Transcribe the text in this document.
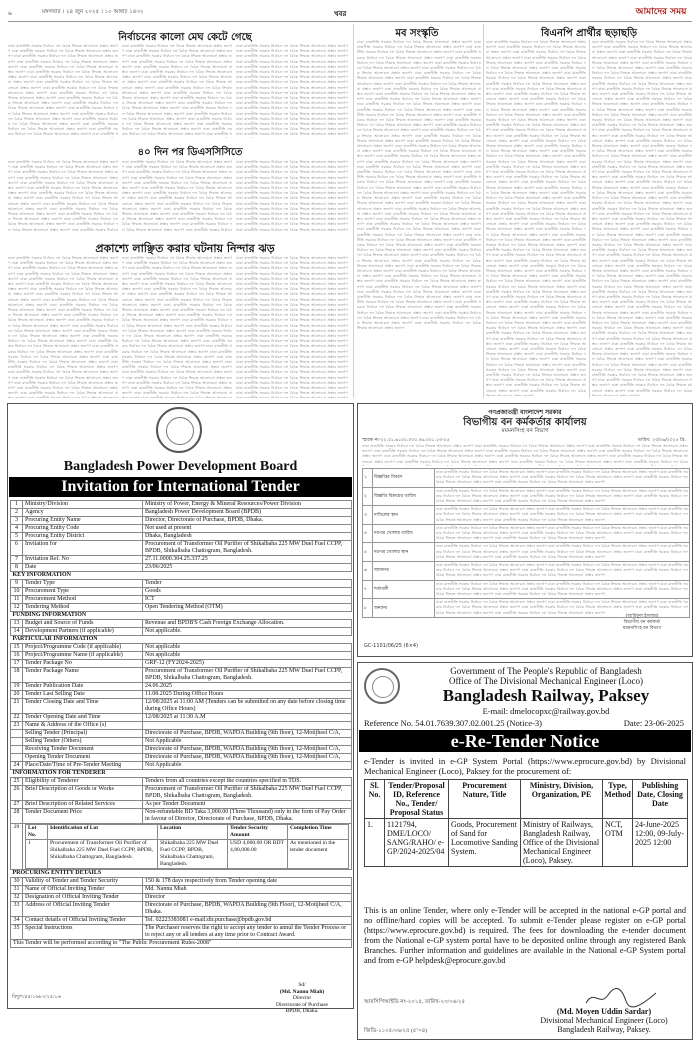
৬	মঙ্গলবার । ২৪ জুন ২০২৫ । ১০ আষাঢ় ১৪৩২	খবর	আমাদের সময়
নির্বাচনের কালো মেঘ কেটে গেছে	মব সংস্কৃতি	বিএনপি প্রার্থীর ছড়াছড়ি
৪০ দিন পর ডিএসসিসিতে
প্রকাশ্যে লাঞ্ছিত করার ঘটনায় নিন্দার ঝড়
ঢাকা রাজনীতি সরকার নির্বাচন দল বৈঠক সিদ্ধান্ত আলোচনা প্রস্তাব জনগণ ঢাকা রাজনীতি সরকার নির্বাচন দল বৈঠক সিদ্ধান্ত আলোচনা প্রস্তাব জনগণ ঢাকা রাজনীতি সরকার নির্বাচন দল বৈঠক সিদ্ধান্ত আলোচনা প্রস্তাব জনগণ ঢাকা রাজনীতি সরকার নির্বাচন দল বৈঠক সিদ্ধান্ত আলোচনা প্রস্তাব জনগণ ঢাকা রাজনীতি সরকার নির্বাচন দল বৈঠক সিদ্ধান্ত আলোচনা প্রস্তাব জনগণ ঢাকা রাজনীতি সরকার নির্বাচন দল বৈঠক সিদ্ধান্ত আলোচনা প্রস্তাব জনগণ ঢাকা রাজনীতি সরকার নির্বাচন দল বৈঠক সিদ্ধান্ত আলোচনা প্রস্তাব জনগণ ঢাকা রাজনীতি সরকার নির্বাচন দল বৈঠক সিদ্ধান্ত আলোচনা প্রস্তাব জনগণ ঢাকা রাজনীতি সরকার নির্বাচন দল বৈঠক সিদ্ধান্ত আলোচনা প্রস্তাব জনগণ ঢাকা রাজনীতি সরকার নির্বাচন দল বৈঠক সিদ্ধান্ত আলোচনা প্রস্তাব জনগণ ঢাকা রাজনীতি সরকার নির্বাচন দল বৈঠক সিদ্ধান্ত আলোচনা প্রস্তাব জনগণ ঢাকা রাজনীতি সরকার নির্বাচন দল বৈঠক সিদ্ধান্ত আলোচনা প্রস্তাব জনগণ ঢাকা রাজনীতি সরকার নির্বাচন দল বৈঠক সিদ্ধান্ত আলোচনা প্রস্তাব জনগণ ঢাকা রাজনীতি সরকার নির্বাচন দল বৈঠক সিদ্ধান্ত আলোচনা প্রস্তাব জনগণ ঢাকা রাজনীতি সরকার নির্বাচন দল বৈঠক সিদ্ধান্ত আলোচনা প্রস্তাব জনগণ ঢাকা রাজনীতি সরকার নির্বাচন দল বৈঠক সিদ্ধান্ত আলোচনা প্রস্তাব জনগণ ঢাকা রাজনীতি সরকার নির্বাচন দল বৈঠক সিদ্ধান্ত আলোচনা প্রস্তাব জনগণ ঢাকা রাজনীতি স
ঢাকা রাজনীতি সরকার নির্বাচন দল বৈঠক সিদ্ধান্ত আলোচনা প্রস্তাব জনগণ ঢাকা রাজনীতি সরকার নির্বাচন দল বৈঠক সিদ্ধান্ত আলোচনা প্রস্তাব জনগণ ঢাকা রাজনীতি সরকার নির্বাচন দল বৈঠক সিদ্ধান্ত আলোচনা প্রস্তাব জনগণ ঢাকা রাজনীতি সরকার নির্বাচন দল বৈঠক সিদ্ধান্ত আলোচনা প্রস্তাব জনগণ ঢাকা রাজনীতি সরকার নির্বাচন দল বৈঠক সিদ্ধান্ত আলোচনা প্রস্তাব জনগণ ঢাকা রাজনীতি সরকার নির্বাচন দল বৈঠক সিদ্ধান্ত আলোচনা প্রস্তাব জনগণ ঢাকা রাজনীতি সরকার নির্বাচন দল বৈঠক সিদ্ধান্ত আলোচনা প্রস্তাব জনগণ ঢাকা রাজনীতি সরকার নির্বাচন দল বৈঠক সিদ্ধান্ত আলোচনা প্রস্তাব জনগণ ঢাকা রাজনীতি সরকার নির্বাচন দল বৈঠক সিদ্ধান্ত আলোচনা প্রস্তাব জনগণ ঢাকা রাজনীতি সরকার নির্বাচন দল বৈঠক সিদ্ধান্ত আলোচনা প্রস্তাব জনগণ ঢাকা রাজনীতি সরকার নির্বাচন দল বৈঠক সিদ্ধান্ত আলোচনা প্রস্তাব জনগণ ঢাকা রাজনীতি সরকার নির্বাচন দল বৈঠক সিদ্ধান্ত আলোচনা প্রস্তাব জনগণ ঢাকা রাজনীতি সরকার নির্বাচন দল বৈঠক সিদ্ধান্ত আলোচনা প্রস্তাব জনগণ ঢাকা রাজনীতি সরকার নির্বাচন দল বৈঠক সিদ্ধান্ত আলোচনা প্রস্তাব জনগণ ঢাকা রাজনীতি সরকার নির্বাচন দল বৈঠক সিদ্ধান্ত আলোচনা প্রস্তাব জনগণ ঢাকা রাজনীতি সরকার নির্বাচন দল বৈঠক সিদ্ধান্ত আলোচনা প্রস্তাব জনগণ ঢাকা রাজনীতি সরকার নির্বাচন দল বৈঠক সিদ্ধান্ত আলোচনা প্রস্তাব জনগণ ঢাকা রাজনীতি স
ঢাকা রাজনীতি সরকার নির্বাচন দল বৈঠক সিদ্ধান্ত আলোচনা প্রস্তাব জনগণ ঢাকা রাজনীতি সরকার নির্বাচন দল বৈঠক সিদ্ধান্ত আলোচনা প্রস্তাব জনগণ ঢাকা রাজনীতি সরকার নির্বাচন দল বৈঠক সিদ্ধান্ত আলোচনা প্রস্তাব জনগণ ঢাকা রাজনীতি সরকার নির্বাচন দল বৈঠক সিদ্ধান্ত আলোচনা প্রস্তাব জনগণ ঢাকা রাজনীতি সরকার নির্বাচন দল বৈঠক সিদ্ধান্ত আলোচনা প্রস্তাব জনগণ ঢাকা রাজনীতি সরকার নির্বাচন দল বৈঠক সিদ্ধান্ত আলোচনা প্রস্তাব জনগণ ঢাকা রাজনীতি সরকার নির্বাচন দল বৈঠক সিদ্ধান্ত আলোচনা প্রস্তাব জনগণ ঢাকা রাজনীতি সরকার নির্বাচন দল বৈঠক সিদ্ধান্ত আলোচনা প্রস্তাব জনগণ ঢাকা রাজনীতি সরকার নির্বাচন দল বৈঠক সিদ্ধান্ত আলোচনা প্রস্তাব জনগণ ঢাকা রাজনীতি সরকার নির্বাচন দল বৈঠক সিদ্ধান্ত আলোচনা প্রস্তাব জনগণ ঢাকা রাজনীতি সরকার নির্বাচন দল বৈঠক সিদ্ধান্ত আলোচনা প্রস্তাব জনগণ ঢাকা রাজনীতি সরকার নির্বাচন দল বৈঠক সিদ্ধান্ত আলোচনা প্রস্তাব জনগণ ঢাকা রাজনীতি সরকার নির্বাচন দল বৈঠক সিদ্ধান্ত আলোচনা প্রস্তাব জনগণ ঢাকা রাজনীতি সরকার নির্বাচন দল বৈঠক সিদ্ধান্ত আলোচনা প্রস্তাব জনগণ ঢাকা রাজনীতি সরকার নির্বাচন দল বৈঠক সিদ্ধান্ত আলোচনা প্রস্তাব জনগণ ঢাকা রাজনীতি সরকার নির্বাচন দল বৈঠক সিদ্ধান্ত আলোচনা প্রস্তাব জনগণ ঢাকা রাজনীতি সরকার নির্বাচন দল বৈঠক সিদ্ধান্ত আলোচনা প্রস্তাব জনগণ ঢাকা রাজনীতি সরকার নির্বাচন দল বৈঠক সিদ্ধান্ত আলোচনা প্রস্তাব জনগণ
ঢাকা রাজনীতি সরকার নির্বাচন দল বৈঠক সিদ্ধান্ত আলোচনা প্রস্তাব জনগণ ঢাকা রাজনীতি সরকার নির্বাচন দল বৈঠক সিদ্ধান্ত আলোচনা প্রস্তাব জনগণ ঢাকা রাজনীতি সরকার নির্বাচন দল বৈঠক সিদ্ধান্ত আলোচনা প্রস্তাব জনগণ ঢাকা রাজনীতি সরকার নির্বাচন দল বৈঠক সিদ্ধান্ত আলোচনা প্রস্তাব জনগণ ঢাকা রাজনীতি সরকার নির্বাচন দল বৈঠক সিদ্ধান্ত আলোচনা প্রস্তাব জনগণ ঢাকা রাজনীতি সরকার নির্বাচন দল বৈঠক সিদ্ধান্ত আলোচনা প্রস্তাব জনগণ ঢাকা রাজনীতি সরকার নির্বাচন দল বৈঠক সিদ্ধান্ত আলোচনা প্রস্তাব জনগণ ঢাকা রাজনীতি সরকার নির্বাচন দল বৈঠক সিদ্ধান্ত আলোচনা প্রস্তাব জনগণ ঢাকা রাজনীতি সরকার নির্বাচন দল বৈঠক সিদ্ধান্ত আলোচনা প্রস্তাব জনগণ ঢাকা রাজনীতি সরকার নির্বাচন দল বৈঠক সিদ্ধান্ত আলোচনা প্রস্তাব জনগণ ঢাকা রাজনীতি সরকার নির্বাচন দল বৈঠক সিদ্ধান্ত আলোচনা প্রস্তাব জনগণ ঢাকা রাজনীতি সরকার নির্বাচন দল বৈঠক সিদ্ধান্ত আলোচনা প্রস্তাব জনগণ ঢাকা রাজনীতি সরকার নির্বাচন দল বৈঠক সিদ্ধান্ত আলোচনা প্রস্তাব জনগণ ঢাকা রাজনীতি সরকার নির্বাচন
ঢাকা রাজনীতি সরকার নির্বাচন দল বৈঠক সিদ্ধান্ত আলোচনা প্রস্তাব জনগণ ঢাকা রাজনীতি সরকার নির্বাচন দল বৈঠক সিদ্ধান্ত আলোচনা প্রস্তাব জনগণ ঢাকা রাজনীতি সরকার নির্বাচন দল বৈঠক সিদ্ধান্ত আলোচনা প্রস্তাব জনগণ ঢাকা রাজনীতি সরকার নির্বাচন দল বৈঠক সিদ্ধান্ত আলোচনা প্রস্তাব জনগণ ঢাকা রাজনীতি সরকার নির্বাচন দল বৈঠক সিদ্ধান্ত আলোচনা প্রস্তাব জনগণ ঢাকা রাজনীতি সরকার নির্বাচন দল বৈঠক সিদ্ধান্ত আলোচনা প্রস্তাব জনগণ ঢাকা রাজনীতি সরকার নির্বাচন দল বৈঠক সিদ্ধান্ত আলোচনা প্রস্তাব জনগণ ঢাকা রাজনীতি সরকার নির্বাচন দল বৈঠক সিদ্ধান্ত আলোচনা প্রস্তাব জনগণ ঢাকা রাজনীতি সরকার নির্বাচন দল বৈঠক সিদ্ধান্ত আলোচনা প্রস্তাব জনগণ ঢাকা রাজনীতি সরকার নির্বাচন দল বৈঠক সিদ্ধান্ত আলোচনা প্রস্তাব জনগণ ঢাকা রাজনীতি সরকার নির্বাচন দল বৈঠক সিদ্ধান্ত আলোচনা প্রস্তাব জনগণ ঢাকা রাজনীতি সরকার নির্বাচন দল বৈঠক সিদ্ধান্ত আলোচনা প্রস্তাব জনগণ ঢাকা রাজনীতি সরকার নির্বাচন দল বৈঠক সিদ্ধান্ত আলোচনা প্রস্তাব জনগণ ঢাকা রাজনীতি সরকার নির্বাচন
ঢাকা রাজনীতি সরকার নির্বাচন দল বৈঠক সিদ্ধান্ত আলোচনা প্রস্তাব জনগণ ঢাকা রাজনীতি সরকার নির্বাচন দল বৈঠক সিদ্ধান্ত আলোচনা প্রস্তাব জনগণ ঢাকা রাজনীতি সরকার নির্বাচন দল বৈঠক সিদ্ধান্ত আলোচনা প্রস্তাব জনগণ ঢাকা রাজনীতি সরকার নির্বাচন দল বৈঠক সিদ্ধান্ত আলোচনা প্রস্তাব জনগণ ঢাকা রাজনীতি সরকার নির্বাচন দল বৈঠক সিদ্ধান্ত আলোচনা প্রস্তাব জনগণ ঢাকা রাজনীতি সরকার নির্বাচন দল বৈঠক সিদ্ধান্ত আলোচনা প্রস্তাব জনগণ ঢাকা রাজনীতি সরকার নির্বাচন দল বৈঠক সিদ্ধান্ত আলোচনা প্রস্তাব জনগণ ঢাকা রাজনীতি সরকার নির্বাচন দল বৈঠক সিদ্ধান্ত আলোচনা প্রস্তাব জনগণ ঢাকা রাজনীতি সরকার নির্বাচন দল বৈঠক সিদ্ধান্ত আলোচনা প্রস্তাব জনগণ ঢাকা রাজনীতি সরকার নির্বাচন দল বৈঠক সিদ্ধান্ত আলোচনা প্রস্তাব জনগণ ঢাকা রাজনীতি সরকার নির্বাচন দল বৈঠক সিদ্ধান্ত আলোচনা প্রস্তাব জনগণ ঢাকা রাজনীতি সরকার নির্বাচন দল বৈঠক সিদ্ধান্ত আলোচনা প্রস্তাব জনগণ ঢাকা রাজনীতি সরকার নির্বাচন দল বৈঠক সিদ্ধান্ত আলোচনা প্রস্তাব জনগণ ঢাকা রাজনীতি সরকার নির্বাচন দল বৈঠক সিদ্ধান্ত আলোচনা প্রস্তাব জনগণ
ঢাকা রাজনীতি সরকার নির্বাচন দল বৈঠক সিদ্ধান্ত আলোচনা প্রস্তাব জনগণ ঢাকা রাজনীতি সরকার নির্বাচন দল বৈঠক সিদ্ধান্ত আলোচনা প্রস্তাব জনগণ ঢাকা রাজনীতি সরকার নির্বাচন দল বৈঠক সিদ্ধান্ত আলোচনা প্রস্তাব জনগণ ঢাকা রাজনীতি সরকার নির্বাচন দল বৈঠক সিদ্ধান্ত আলোচনা প্রস্তাব জনগণ ঢাকা রাজনীতি সরকার নির্বাচন দল বৈঠক সিদ্ধান্ত আলোচনা প্রস্তাব জনগণ ঢাকা রাজনীতি সরকার নির্বাচন দল বৈঠক সিদ্ধান্ত আলোচনা প্রস্তাব জনগণ ঢাকা রাজনীতি সরকার নির্বাচন দল বৈঠক সিদ্ধান্ত আলোচনা প্রস্তাব জনগণ ঢাকা রাজনীতি সরকার নির্বাচন দল বৈঠক সিদ্ধান্ত আলোচনা প্রস্তাব জনগণ ঢাকা রাজনীতি সরকার নির্বাচন দল বৈঠক সিদ্ধান্ত আলোচনা প্রস্তাব জনগণ ঢাকা রাজনীতি সরকার নির্বাচন দল বৈঠক সিদ্ধান্ত আলোচনা প্রস্তাব জনগণ ঢাকা রাজনীতি সরকার নির্বাচন দল বৈঠক সিদ্ধান্ত আলোচনা প্রস্তাব জনগণ ঢাকা রাজনীতি সরকার নির্বাচন দল বৈঠক সিদ্ধান্ত আলোচনা প্রস্তাব জনগণ ঢাকা রাজনীতি সরকার নির্বাচন দল বৈঠক সিদ্ধান্ত আলোচনা প্রস্তাব জনগণ ঢাকা রাজনীতি সরকার নির্বাচন দল বৈঠক সিদ্ধান্ত আলোচনা প্রস্তাব জনগণ ঢাকা রাজনীতি সরকার নির্বাচন দল বৈঠক সিদ্ধান্ত আলোচনা প্রস্তাব জনগণ ঢাকা রাজনীতি সরকার নির্বাচন দল বৈঠক সিদ্ধান্ত আলোচনা প্রস্তাব জনগণ ঢাকা রাজনীতি সরকার নির্বাচন দল বৈঠক সিদ্ধান্ত আলোচনা প্রস্তাব জনগণ ঢাকা রাজনীতি সরকার নির্বাচন দল বৈঠক সিদ্ধান্ত আলোচনা প্রস্তাব জনগণ ঢাকা রাজনীতি সরকার নির্বাচন দল বৈঠক সিদ্ধান্ত আলোচনা প্রস্তাব জনগণ ঢাকা রাজনীতি সরকার নির্বাচন দল বৈঠক সিদ্ধান্ত আলোচনা প্রস্তাব জনগণ ঢাকা রাজনীতি সরকার নির্বাচন দল বৈঠক সিদ্ধান্ত আলোচনা প্রস্তাব জনগণ ঢাকা রাজনীতি সরকার নির্বাচন দল বৈঠক সিদ্ধান্ত আলোচনা প্রস্তাব জনগণ ঢাকা রাজনীতি সরকার নির্বাচন দল বৈঠক সিদ্ধান্ত আলোচনা প্রস্তাব জনগণ ঢাকা রাজনীতি সরকার নির্বাচন দল বৈঠক সিদ্ধান্ত আলোচনা প্রস্তাব জনগণ ঢাকা রাজনীতি সরকার নির্বাচন দল বৈঠক সিদ্ধান্ত আলোচনা প্রস্তাব জনগণ ঢাকা রাজনীতি সরকার নির্বাচন দল বৈঠক সিদ্ধান্ত আলোচনা প্র
ঢাকা রাজনীতি সরকার নির্বাচন দল বৈঠক সিদ্ধান্ত আলোচনা প্রস্তাব জনগণ ঢাকা রাজনীতি সরকার নির্বাচন দল বৈঠক সিদ্ধান্ত আলোচনা প্রস্তাব জনগণ ঢাকা রাজনীতি সরকার নির্বাচন দল বৈঠক সিদ্ধান্ত আলোচনা প্রস্তাব জনগণ ঢাকা রাজনীতি সরকার নির্বাচন দল বৈঠক সিদ্ধান্ত আলোচনা প্রস্তাব জনগণ ঢাকা রাজনীতি সরকার নির্বাচন দল বৈঠক সিদ্ধান্ত আলোচনা প্রস্তাব জনগণ ঢাকা রাজনীতি সরকার নির্বাচন দল বৈঠক সিদ্ধান্ত আলোচনা প্রস্তাব জনগণ ঢাকা রাজনীতি সরকার নির্বাচন দল বৈঠক সিদ্ধান্ত আলোচনা প্রস্তাব জনগণ ঢাকা রাজনীতি সরকার নির্বাচন দল বৈঠক সিদ্ধান্ত আলোচনা প্রস্তাব জনগণ ঢাকা রাজনীতি সরকার নির্বাচন দল বৈঠক সিদ্ধান্ত আলোচনা প্রস্তাব জনগণ ঢাকা রাজনীতি সরকার নির্বাচন দল বৈঠক সিদ্ধান্ত আলোচনা প্রস্তাব জনগণ ঢাকা রাজনীতি সরকার নির্বাচন দল বৈঠক সিদ্ধান্ত আলোচনা প্রস্তাব জনগণ ঢাকা রাজনীতি সরকার নির্বাচন দল বৈঠক সিদ্ধান্ত আলোচনা প্রস্তাব জনগণ ঢাকা রাজনীতি সরকার নির্বাচন দল বৈঠক সিদ্ধান্ত আলোচনা প্রস্তাব জনগণ ঢাকা রাজনীতি সরকার নির্বাচন দল বৈঠক সিদ্ধান্ত আলোচনা প্রস্তাব জনগণ ঢাকা রাজনীতি সরকার নির্বাচন দল বৈঠক সিদ্ধান্ত আলোচনা প্রস্তাব জনগণ ঢাকা রাজনীতি সরকার নির্বাচন দল বৈঠক সিদ্ধান্ত আলোচনা প্রস্তাব জনগণ ঢাকা রাজনীতি সরকার নির্বাচন দল বৈঠক সিদ্ধান্ত আলোচনা প্রস্তাব জনগণ ঢাকা রাজনীতি সরকার নির্বাচন দল বৈঠক সিদ্ধান্ত আলোচনা প্রস্তাব জনগণ ঢাকা রাজনীতি সরকার নির্বাচন দল বৈঠক সিদ্ধান্ত আলোচনা প্রস্তাব জনগণ ঢাকা রাজনীতি সরকার নির্বাচন দল বৈঠক সিদ্ধান্ত আলোচনা প্রস্তাব জনগণ ঢাকা রাজনীতি সরকার নির্বাচন দল বৈঠক সিদ্ধান্ত আলোচনা প্রস্তাব জনগণ ঢাকা রাজনীতি সরকার নির্বাচন দল বৈঠক সিদ্ধান্ত আলোচনা প্রস্তাব জনগণ ঢাকা রাজনীতি সরকার নির্বাচন দল বৈঠক সিদ্ধান্ত আলোচনা প্রস্তাব জনগণ ঢাকা রাজনীতি সরকার নির্বাচন দল বৈঠক সিদ্ধান্ত আলোচনা প্রস্তাব জনগণ ঢাকা রাজনীতি সরকার নির্বাচন দল বৈঠক সিদ্ধান্ত আলোচনা প্রস্তাব জনগণ ঢাকা রাজনীতি সরকার নির্বাচন দল বৈঠক সিদ্ধান্ত আলোচনা প্র
ঢাকা রাজনীতি সরকার নির্বাচন দল বৈঠক সিদ্ধান্ত আলোচনা প্রস্তাব জনগণ ঢাকা রাজনীতি সরকার নির্বাচন দল বৈঠক সিদ্ধান্ত আলোচনা প্রস্তাব জনগণ ঢাকা রাজনীতি সরকার নির্বাচন দল বৈঠক সিদ্ধান্ত আলোচনা প্রস্তাব জনগণ ঢাকা রাজনীতি সরকার নির্বাচন দল বৈঠক সিদ্ধান্ত আলোচনা প্রস্তাব জনগণ ঢাকা রাজনীতি সরকার নির্বাচন দল বৈঠক সিদ্ধান্ত আলোচনা প্রস্তাব জনগণ ঢাকা রাজনীতি সরকার নির্বাচন দল বৈঠক সিদ্ধান্ত আলোচনা প্রস্তাব জনগণ ঢাকা রাজনীতি সরকার নির্বাচন দল বৈঠক সিদ্ধান্ত আলোচনা প্রস্তাব জনগণ ঢাকা রাজনীতি সরকার নির্বাচন দল বৈঠক সিদ্ধান্ত আলোচনা প্রস্তাব জনগণ ঢাকা রাজনীতি সরকার নির্বাচন দল বৈঠক সিদ্ধান্ত আলোচনা প্রস্তাব জনগণ ঢাকা রাজনীতি সরকার নির্বাচন দল বৈঠক সিদ্ধান্ত আলোচনা প্রস্তাব জনগণ ঢাকা রাজনীতি সরকার নির্বাচন দল বৈঠক সিদ্ধান্ত আলোচনা প্রস্তাব জনগণ ঢাকা রাজনীতি সরকার নির্বাচন দল বৈঠক সিদ্ধান্ত আলোচনা প্রস্তাব জনগণ ঢাকা রাজনীতি সরকার নির্বাচন দল বৈঠক সিদ্ধান্ত আলোচনা প্রস্তাব জনগণ ঢাকা রাজনীতি সরকার নির্বাচন দল বৈঠক সিদ্ধান্ত আলোচনা প্রস্তাব জনগণ ঢাকা রাজনীতি সরকার নির্বাচন দল বৈঠক সিদ্ধান্ত আলোচনা প্রস্তাব জনগণ ঢাকা রাজনীতি সরকার নির্বাচন দল বৈঠক সিদ্ধান্ত আলোচনা প্রস্তাব জনগণ ঢাকা রাজনীতি সরকার নির্বাচন দল বৈঠক সিদ্ধান্ত আলোচনা প্রস্তাব জনগণ ঢাকা রাজনীতি সরকার নির্বাচন দল বৈঠক সিদ্ধান্ত আলোচনা প্রস্তাব জনগণ ঢাকা রাজনীতি সরকার নির্বাচন দল বৈঠক সিদ্ধান্ত আলোচনা প্রস্তাব জনগণ ঢাকা রাজনীতি সরকার নির্বাচন দল বৈঠক সিদ্ধান্ত আলোচনা প্রস্তাব জনগণ ঢাকা রাজনীতি সরকার নির্বাচন দল বৈঠক সিদ্ধান্ত আলোচনা প্রস্তাব জনগণ ঢাকা রাজনীতি সরকার নির্বাচন দল বৈঠক সিদ্ধান্ত আলোচনা প্রস্তাব জনগণ ঢাকা রাজনীতি সরকার নির্বাচন দল বৈঠক সিদ্ধান্ত আলোচনা প্রস্তাব জনগণ ঢাকা রাজনীতি সরকার নির্বাচন দল বৈঠক সিদ্ধান্ত আলোচনা প্রস্তাব জনগণ ঢাকা রাজনীতি সরকার নির্বাচন দল বৈঠক সিদ্ধান্ত আলোচনা প্রস্তাব জনগণ ঢাকা রাজনীতি সরকার নির্বাচন দল বৈঠক সিদ্ধান্ত আলোচনা প্রস্তাব জনগণ ঢাকা রাজনীতি সরকার নির্বাচন দল বৈঠক সিদ্ধান্ত আলোচনা প্রস্তাব জনগণ
ঢাকা রাজনীতি সরকার নির্বাচন দল বৈঠক সিদ্ধান্ত আলোচনা প্রস্তাব জনগণ ঢাকা রাজনীতি সরকার নির্বাচন দল বৈঠক সিদ্ধান্ত আলোচনা প্রস্তাব জনগণ ঢাকা রাজনীতি সরকার নির্বাচন দল বৈঠক সিদ্ধান্ত আলোচনা প্রস্তাব জনগণ ঢাকা রাজনীতি সরকার নির্বাচন দল বৈঠক সিদ্ধান্ত আলোচনা প্রস্তাব জনগণ ঢাকা রাজনীতি সরকার নির্বাচন দল বৈঠক সিদ্ধান্ত আলোচনা প্রস্তাব জনগণ ঢাকা রাজনীতি সরকার নির্বাচন দল বৈঠক সিদ্ধান্ত আলোচনা প্রস্তাব জনগণ ঢাকা রাজনীতি সরকার নির্বাচন দল বৈঠক সিদ্ধান্ত আলোচনা প্রস্তাব জনগণ ঢাকা রাজনীতি সরকার নির্বাচন দল বৈঠক সিদ্ধান্ত আলোচনা প্রস্তাব জনগণ ঢাকা রাজনীতি সরকার নির্বাচন দল বৈঠক সিদ্ধান্ত আলোচনা প্রস্তাব জনগণ ঢাকা রাজনীতি সরকার নির্বাচন দল বৈঠক সিদ্ধান্ত আলোচনা প্রস্তাব জনগণ ঢাকা রাজনীতি সরকার নির্বাচন দল বৈঠক সিদ্ধান্ত আলোচনা প্রস্তাব জনগণ ঢাকা রাজনীতি সরকার নির্বাচন দল বৈঠক সিদ্ধান্ত আলোচনা প্রস্তাব জনগণ ঢাকা রাজনীতি সরকার নির্বাচন দল বৈঠক সিদ্ধান্ত আলোচনা প্রস্তাব জনগণ ঢাকা রাজনীতি সরকার নির্বাচন দল বৈঠক সিদ্ধান্ত আলোচনা প্রস্তাব জনগণ ঢাকা রাজনীতি সরকার নির্বাচন দল বৈঠক সিদ্ধান্ত আলোচনা প্রস্তাব জনগণ ঢাকা রাজনীতি সরকার নির্বাচন দল বৈঠক সিদ্ধান্ত আলোচনা প্রস্তাব জনগণ ঢাকা রাজনীতি সরকার নির্বাচন দল বৈঠক সিদ্ধান্ত আলোচনা প্রস্তাব জনগণ ঢাকা রাজনীতি সরকার নির্বাচন দল বৈঠক সিদ্ধান্ত আলোচনা প্রস্তাব জনগণ ঢাকা রাজনীতি সরকার নির্বাচন দল বৈঠক সিদ্ধান্ত আলোচনা প্রস্তাব জনগণ ঢাকা রাজনীতি সরকার নির্বাচন দল বৈঠক সিদ্ধান্ত আলোচনা প্রস্তাব জনগণ ঢাকা রাজনীতি সরকার নির্বাচন দল বৈঠক সিদ্ধান্ত আলোচনা প্রস্তাব জনগণ ঢাকা রাজনীতি সরকার নির্বাচন দল বৈঠক সিদ্ধান্ত আলোচনা প্রস্তাব জনগণ ঢাকা রাজনীতি সরকার নির্বাচন দল বৈঠক সিদ্ধান্ত আলোচনা প্রস্তাব জনগণ ঢাকা রাজনীতি সরকার নির্বাচন দল বৈঠক সিদ্ধান্ত আলোচনা প্রস্তাব জনগণ ঢাকা রাজনীতি সরকার নির্বাচন দল বৈঠক সিদ্ধান্ত আলোচনা প্রস্তাব জনগণ ঢাকা রাজনীতি সরকার নির্বাচন দল বৈঠক সিদ্ধান্ত আলোচনা প্রস্তাব জনগণ ঢাকা রাজনীতি সরকার নির্বাচন দল বৈঠক সিদ্ধান্ত আলোচনা প্রস্তাব জনগণ ঢাকা রাজনীতি সরকার নির্বাচন দল বৈঠক সিদ্ধান্ত আলোচনা প্রস্তাব জনগণ ঢাকা রাজনীতি সরকার নির্বাচন দল বৈঠক সিদ্ধান্ত আলোচনা প্রস্তাব জনগণ ঢাকা রাজনীতি সরকার নির্বাচন দল বৈঠক সিদ্ধান্ত আলোচনা প্রস্তাব জনগণ ঢাকা রাজনীতি সরকার নির্বাচন দল বৈঠক সিদ্ধান্ত আলোচনা প্রস্তাব জনগণ ঢাকা রাজনীতি সরকার নির্বাচন দল বৈঠক সিদ্ধান্ত আলোচনা প্রস্তাব জনগণ ঢাকা রাজনীতি সরকার নির্বাচন দল বৈঠক সিদ্ধান্ত আলোচনা প্রস্তাব জনগণ ঢাকা রাজনীতি সরকার নির্বাচন দল বৈঠক সিদ্ধান্ত আলোচনা প্রস্তাব জনগণ ঢাকা রাজনীতি সরকার নির্বাচন দল বৈঠক সিদ্ধান্ত আলোচনা প্রস্তাব জনগণ ঢাকা রাজনীতি সরকার নির্বাচন দল বৈঠক সিদ্ধান্ত আলোচনা প্রস্তাব জনগণ ঢাকা রাজনীতি সরকার নির্বাচন দল বৈঠক সিদ্ধান্ত আলোচনা প্রস্তাব জনগণ ঢাকা রাজনীতি সরকার নির্বাচন দল বৈঠক সিদ্ধান্ত আলোচনা প্রস্তাব জনগণ ঢাকা রাজনীতি সরকার নির্বাচন দল বৈঠক সিদ্ধান্ত আলোচনা প্রস্তাব জনগণ ঢাকা রাজনীতি সরকার নির্বাচন দল বৈঠক সিদ্ধান্ত আলোচনা প্রস্তাব জনগণ ঢাকা রাজনীতি সরকার নির্বাচন দল বৈঠক সিদ্ধান্ত আলোচনা প্রস্তাব জনগণ ঢাকা রাজনীতি সরকার নির্বাচন দল বৈঠক সিদ্ধান্ত আলোচনা প্রস্তাব জনগণ ঢাকা রাজনীতি সরকার নির্বাচন দল বৈঠক সিদ্ধান্ত আলোচনা প্রস্তাব জনগণ ঢাকা রাজনীতি সরকার নির্বাচন দল বৈঠক সিদ্ধান্ত আলোচনা প্রস্তাব জনগণ ঢাকা রাজনীতি সরকার নির্বাচন দল বৈঠক সিদ্ধান্ত আলোচনা প্রস্তাব জনগণ ঢাকা রাজনীতি সরকার নির্বাচন দল বৈঠক সিদ্ধান্ত আলোচনা প্রস্তাব জনগণ ঢাকা রাজনীতি সরকার নির্বাচন দল বৈঠক সিদ্ধান্ত আলোচনা প্রস্তাব জনগণ ঢাকা রাজনীতি সরকার নির্বাচন দল বৈঠক সিদ্ধান্ত আলোচনা প্রস্তাব জনগণ ঢাকা রাজনীতি সরকার নির্বাচন দল বৈঠক সিদ্ধান্ত আলোচনা প্রস্তাব জনগণ ঢাকা রাজনীতি সরকার নির্বাচন দল বৈঠক সিদ্ধান্ত আলোচনা প্রস্তাব জনগণ ঢাকা রাজনীতি সরকার নির্বাচন দল বৈঠক সিদ্ধান্ত আলোচনা প্রস্তাব জনগণ ঢাকা রাজনীতি সরকার নির্বাচন দল বৈঠক সিদ্ধান্ত আলোচনা প্রস্তাব জনগণ ঢাকা রাজনীতি সরকার নির্বাচন দল বৈঠক সিদ্ধান্ত আলোচনা প্রস্তাব জনগণ ঢাকা রাজনীতি সরকার নির্বাচন দল বৈঠক সিদ্ধান্ত আলোচনা প্রস্তাব জনগণ ঢাকা রাজনীতি সরকার নির্বাচন দল বৈঠক সিদ্ধান্ত আলোচনা প্রস্তাব জনগণ ঢাকা রাজনীতি সরকার নির্বাচন দল বৈঠক সিদ্ধান্ত আলোচনা প্রস্তাব জনগণ ঢাকা রাজনীতি সরকার নির্বাচন দল বৈঠক সিদ্ধান্ত আলোচনা প্রস্তাব জনগণ ঢাকা রাজনীতি সরকার নির্বাচন দল বৈঠক সিদ্ধান্ত আলোচনা প্রস্তাব জনগণ ঢাকা রাজনীতি সরকার নির্বাচন দল বৈঠক সিদ্ধান্ত আলোচনা প্রস্তাব জনগণ ঢাকা রাজনীতি সরকার নির্বাচন দল বৈঠক সিদ্ধান্ত আলোচনা প্রস্তাব জনগণ
ঢাকা রাজনীতি সরকার নির্বাচন দল বৈঠক সিদ্ধান্ত আলোচনা প্রস্তাব জনগণ ঢাকা রাজনীতি সরকার নির্বাচন দল বৈঠক সিদ্ধান্ত আলোচনা প্রস্তাব জনগণ ঢাকা রাজনীতি সরকার নির্বাচন দল বৈঠক সিদ্ধান্ত আলোচনা প্রস্তাব জনগণ ঢাকা রাজনীতি সরকার নির্বাচন দল বৈঠক সিদ্ধান্ত আলোচনা প্রস্তাব জনগণ ঢাকা রাজনীতি সরকার নির্বাচন দল বৈঠক সিদ্ধান্ত আলোচনা প্রস্তাব জনগণ ঢাকা রাজনীতি সরকার নির্বাচন দল বৈঠক সিদ্ধান্ত আলোচনা প্রস্তাব জনগণ ঢাকা রাজনীতি সরকার নির্বাচন দল বৈঠক সিদ্ধান্ত আলোচনা প্রস্তাব জনগণ ঢাকা রাজনীতি সরকার নির্বাচন দল বৈঠক সিদ্ধান্ত আলোচনা প্রস্তাব জনগণ ঢাকা রাজনীতি সরকার নির্বাচন দল বৈঠক সিদ্ধান্ত আলোচনা প্রস্তাব জনগণ ঢাকা রাজনীতি সরকার নির্বাচন দল বৈঠক সিদ্ধান্ত আলোচনা প্রস্তাব জনগণ ঢাকা রাজনীতি সরকার নির্বাচন দল বৈঠক সিদ্ধান্ত আলোচনা প্রস্তাব জনগণ ঢাকা রাজনীতি সরকার নির্বাচন দল বৈঠক সিদ্ধান্ত আলোচনা প্রস্তাব জনগণ ঢাকা রাজনীতি সরকার নির্বাচন দল বৈঠক সিদ্ধান্ত আলোচনা প্রস্তাব জনগণ ঢাকা রাজনীতি সরকার নির্বাচন দল বৈঠক সিদ্ধান্ত আলোচনা প্রস্তাব জনগণ ঢাকা রাজনীতি সরকার নির্বাচন দল বৈঠক সিদ্ধান্ত আলোচনা প্রস্তাব জনগণ ঢাকা রাজনীতি সরকার নির্বাচন দল বৈঠক সিদ্ধান্ত আলোচনা প্রস্তাব জনগণ ঢাকা রাজনীতি সরকার নির্বাচন দল বৈঠক সিদ্ধান্ত আলোচনা প্রস্তাব জনগণ ঢাকা রাজনীতি সরকার নির্বাচন দল বৈঠক সিদ্ধান্ত আলোচনা প্রস্তাব জনগণ ঢাকা রাজনীতি সরকার নির্বাচন দল বৈঠক সিদ্ধান্ত আলোচনা প্রস্তাব জনগণ ঢাকা রাজনীতি সরকার নির্বাচন দল বৈঠক সিদ্ধান্ত আলোচনা প্রস্তাব জনগণ ঢাকা রাজনীতি সরকার নির্বাচন দল বৈঠক সিদ্ধান্ত আলোচনা প্রস্তাব জনগণ ঢাকা রাজনীতি সরকার নির্বাচন দল বৈঠক সিদ্ধান্ত আলোচনা প্রস্তাব জনগণ ঢাকা রাজনীতি সরকার নির্বাচন দল বৈঠক সিদ্ধান্ত আলোচনা প্রস্তাব জনগণ ঢাকা রাজনীতি সরকার নির্বাচন দল বৈঠক সিদ্ধান্ত আলোচনা প্রস্তাব জনগণ ঢাকা রাজনীতি সরকার নির্বাচন দল বৈঠক সিদ্ধান্ত আলোচনা প্রস্তাব জনগণ ঢাকা রাজনীতি সরকার নির্বাচন দল বৈঠক সিদ্ধান্ত আলোচনা প্রস্তাব জনগণ ঢাকা রাজনীতি সরকার নির্বাচন দল বৈঠক সিদ্ধান্ত আলোচনা প্রস্তাব জনগণ ঢাকা রাজনীতি সরকার নির্বাচন দল বৈঠক সিদ্ধান্ত আলোচনা প্রস্তাব জনগণ ঢাকা রাজনীতি সরকার নির্বাচন দল বৈঠক সিদ্ধান্ত আলোচনা প্রস্তাব জনগণ ঢাকা রাজনীতি সরকার নির্বাচন দল বৈঠক সিদ্ধান্ত আলোচনা প্রস্তাব জনগণ ঢাকা রাজনীতি সরকার নির্বাচন দল বৈঠক সিদ্ধান্ত আলোচনা প্রস্তাব জনগণ ঢাকা রাজনীতি সরকার নির্বাচন দল বৈঠক সিদ্ধান্ত আলোচনা প্রস্তাব জনগণ ঢাকা রাজনীতি সরকার নির্বাচন দল বৈঠক সিদ্ধান্ত আলোচনা প্রস্তাব জনগণ ঢাকা রাজনীতি সরকার নির্বাচন দল বৈঠক সিদ্ধান্ত আলোচনা প্রস্তাব জনগণ ঢাকা রাজনীতি সরকার নির্বাচন দল বৈঠক সিদ্ধান্ত আলোচনা প্রস্তাব জনগণ ঢাকা রাজনীতি সরকার নির্বাচন দল বৈঠক সিদ্ধান্ত আলোচনা প্রস্তাব জনগণ ঢাকা রাজনীতি সরকার নির্বাচন দল বৈঠক সিদ্ধান্ত আলোচনা প্রস্তাব জনগণ ঢাকা রাজনীতি সরকার নির্বাচন দল বৈঠক সিদ্ধান্ত আলোচনা প্রস্তাব জনগণ ঢাকা রাজনীতি সরকার নির্বাচন দল বৈঠক সিদ্ধান্ত আলোচনা প্রস্তাব জনগণ ঢাকা রাজনীতি সরকার নির্বাচন দল বৈঠক সিদ্ধান্ত আলোচনা প্রস্তাব জনগণ ঢাকা রাজনীতি সরকার নির্বাচন দল বৈঠক সিদ্ধান্ত আলোচনা প্রস্তাব জনগণ ঢাকা রাজনীতি সরকার নির্বাচন দল বৈঠক সিদ্ধান্ত আলোচনা প্রস্তাব জনগণ ঢাকা রাজনীতি সরকার নির্বাচন দল বৈঠক সিদ্ধান্ত আলোচনা প্রস্তাব জনগণ ঢাকা রাজনীতি সরকার নির্বাচন দল বৈঠক সিদ্ধান্ত আলোচনা প্রস্তাব জনগণ ঢাকা রাজনীতি সরকার নির্বাচন দল বৈঠক সিদ্ধান্ত আলোচনা প্রস্তাব জনগণ ঢাকা রাজনীতি সরকার নির্বাচন দল বৈঠক সিদ্ধান্ত আলোচনা প্রস্তাব জনগণ ঢাকা রাজনীতি সরকার নির্বাচন দল বৈঠক সিদ্ধান্ত আলোচনা প্রস্তাব জনগণ ঢাকা রাজনীতি সরকার নির্বাচন দল বৈঠক সিদ্ধান্ত আলোচনা প্রস্তাব জনগণ ঢাকা রাজনীতি সরকার নির্বাচন দল বৈঠক সিদ্ধান্ত আলোচনা প্রস্তাব জনগণ ঢাকা রাজনীতি সরকার নির্বাচন দল বৈঠক সিদ্ধান্ত আলোচনা প্রস্তাব জনগণ ঢাকা রাজনীতি সরকার নির্বাচন দল বৈঠক সিদ্ধান্ত আলোচনা প্রস্তাব জনগণ ঢাকা রাজনীতি সরকার নির্বাচন দল বৈঠক সিদ্ধান্ত আলোচনা প্রস্তাব জনগণ ঢাকা রাজনীতি সরকার নির্বাচন দল বৈঠক সিদ্ধান্ত আলোচনা প্রস্তাব জনগণ ঢাকা রাজনীতি সরকার নির্বাচন দল বৈঠক সিদ্ধান্ত আলোচনা প্রস্তাব জনগণ ঢাকা রাজনীতি সরকার নির্বাচন দল বৈঠক সিদ্ধান্ত আলোচনা প্রস্তাব জনগণ ঢাকা রাজনীতি সরকার নির্বাচন দল বৈঠক সিদ্ধান্ত আলোচনা প্রস্তাব জনগণ ঢাকা রাজনীতি সরকার নির্বাচন দল বৈঠক সিদ্ধান্ত আলোচনা প্রস্তাব জনগণ ঢাকা রাজনীতি সরকার নির্বাচন দল বৈঠক সিদ্ধান্ত আলোচনা প্রস্তাব জনগণ ঢাকা রাজনীতি সরকার নির্বাচন দল বৈঠক সিদ্ধান্ত আলোচনা প্রস্তাব জনগণ ঢাকা রাজনীতি সরকার নির্বাচন দল বৈঠক সিদ্ধান্ত আলোচনা প্রস্তাব জনগণ
ঢাকা রাজনীতি সরকার নির্বাচন দল বৈঠক সিদ্ধান্ত আলোচনা প্রস্তাব জনগণ ঢাকা রাজনীতি সরকার নির্বাচন দল বৈঠক সিদ্ধান্ত আলোচনা প্রস্তাব জনগণ ঢাকা রাজনীতি সরকার নির্বাচন দল বৈঠক সিদ্ধান্ত আলোচনা প্রস্তাব জনগণ ঢাকা রাজনীতি সরকার নির্বাচন দল বৈঠক সিদ্ধান্ত আলোচনা প্রস্তাব জনগণ ঢাকা রাজনীতি সরকার নির্বাচন দল বৈঠক সিদ্ধান্ত আলোচনা প্রস্তাব জনগণ ঢাকা রাজনীতি সরকার নির্বাচন দল বৈঠক সিদ্ধান্ত আলোচনা প্রস্তাব জনগণ ঢাকা রাজনীতি সরকার নির্বাচন দল বৈঠক সিদ্ধান্ত আলোচনা প্রস্তাব জনগণ ঢাকা রাজনীতি সরকার নির্বাচন দল বৈঠক সিদ্ধান্ত আলোচনা প্রস্তাব জনগণ ঢাকা রাজনীতি সরকার নির্বাচন দল বৈঠক সিদ্ধান্ত আলোচনা প্রস্তাব জনগণ ঢাকা রাজনীতি সরকার নির্বাচন দল বৈঠক সিদ্ধান্ত আলোচনা প্রস্তাব জনগণ ঢাকা রাজনীতি সরকার নির্বাচন দল বৈঠক সিদ্ধান্ত আলোচনা প্রস্তাব জনগণ ঢাকা রাজনীতি সরকার নির্বাচন দল বৈঠক সিদ্ধান্ত আলোচনা প্রস্তাব জনগণ ঢাকা রাজনীতি সরকার নির্বাচন দল বৈঠক সিদ্ধান্ত আলোচনা প্রস্তাব জনগণ ঢাকা রাজনীতি সরকার নির্বাচন দল বৈঠক সিদ্ধান্ত আলোচনা প্রস্তাব জনগণ ঢাকা রাজনীতি সরকার নির্বাচন দল বৈঠক সিদ্ধান্ত আলোচনা প্রস্তাব জনগণ ঢাকা রাজনীতি সরকার নির্বাচন দল বৈঠক সিদ্ধান্ত আলোচনা প্রস্তাব জনগণ ঢাকা রাজনীতি সরকার নির্বাচন দল বৈঠক সিদ্ধান্ত আলোচনা প্রস্তাব জনগণ ঢাকা রাজনীতি সরকার নির্বাচন দল বৈঠক সিদ্ধান্ত আলোচনা প্রস্তাব জনগণ ঢাকা রাজনীতি সরকার নির্বাচন দল বৈঠক সিদ্ধান্ত আলোচনা প্রস্তাব জনগণ ঢাকা রাজনীতি সরকার নির্বাচন দল বৈঠক সিদ্ধান্ত আলোচনা প্রস্তাব জনগণ ঢাকা রাজনীতি সরকার নির্বাচন দল বৈঠক সিদ্ধান্ত আলোচনা প্রস্তাব জনগণ ঢাকা রাজনীতি সরকার নির্বাচন দল বৈঠক সিদ্ধান্ত আলোচনা প্রস্তাব জনগণ ঢাকা রাজনীতি সরকার নির্বাচন দল বৈঠক সিদ্ধান্ত আলোচনা প্রস্তাব জনগণ ঢাকা রাজনীতি সরকার নির্বাচন দল বৈঠক সিদ্ধান্ত আলোচনা প্রস্তাব জনগণ ঢাকা রাজনীতি সরকার নির্বাচন দল বৈঠক সিদ্ধান্ত আলোচনা প্রস্তাব জনগণ ঢাকা রাজনীতি সরকার নির্বাচন দল বৈঠক সিদ্ধান্ত আলোচনা প্রস্তাব জনগণ ঢাকা রাজনীতি সরকার নির্বাচন দল বৈঠক সিদ্ধান্ত আলোচনা প্রস্তাব জনগণ ঢাকা রাজনীতি সরকার নির্বাচন দল বৈঠক সিদ্ধান্ত আলোচনা প্রস্তাব জনগণ ঢাকা রাজনীতি সরকার নির্বাচন দল বৈঠক সিদ্ধান্ত আলোচনা প্রস্তাব জনগণ ঢাকা রাজনীতি সরকার নির্বাচন দল বৈঠক সিদ্ধান্ত আলোচনা প্রস্তাব জনগণ ঢাকা রাজনীতি সরকার নির্বাচন দল বৈঠক সিদ্ধান্ত আলোচনা প্রস্তাব জনগণ ঢাকা রাজনীতি সরকার নির্বাচন দল বৈঠক সিদ্ধান্ত আলোচনা প্রস্তাব জনগণ ঢাকা রাজনীতি সরকার নির্বাচন দল বৈঠক সিদ্ধান্ত আলোচনা প্রস্তাব জনগণ ঢাকা রাজনীতি সরকার নির্বাচন দল বৈঠক সিদ্ধান্ত আলোচনা প্রস্তাব জনগণ ঢাকা রাজনীতি সরকার নির্বাচন দল বৈঠক সিদ্ধান্ত আলোচনা প্রস্তাব জনগণ ঢাকা রাজনীতি সরকার নির্বাচন দল বৈঠক সিদ্ধান্ত আলোচনা প্রস্তাব জনগণ ঢাকা রাজনীতি সরকার নির্বাচন দল বৈঠক সিদ্ধান্ত আলোচনা প্রস্তাব জনগণ ঢাকা রাজনীতি সরকার নির্বাচন দল বৈঠক সিদ্ধান্ত আলোচনা প্রস্তাব জনগণ ঢাকা রাজনীতি সরকার নির্বাচন দল বৈঠক সিদ্ধান্ত আলোচনা প্রস্তাব জনগণ ঢাকা রাজনীতি সরকার নির্বাচন দল বৈঠক সিদ্ধান্ত আলোচনা প্রস্তাব জনগণ ঢাকা রাজনীতি সরকার নির্বাচন দল বৈঠক সিদ্ধান্ত আলোচনা প্রস্তাব জনগণ ঢাকা রাজনীতি সরকার নির্বাচন দল বৈঠক সিদ্ধান্ত আলোচনা প্রস্তাব জনগণ ঢাকা রাজনীতি সরকার নির্বাচন দল বৈঠক সিদ্ধান্ত আলোচনা প্রস্তাব জনগণ ঢাকা রাজনীতি সরকার নির্বাচন দল বৈঠক সিদ্ধান্ত আলোচনা প্রস্তাব জনগণ ঢাকা রাজনীতি সরকার নির্বাচন দল বৈঠক সিদ্ধান্ত আলোচনা প্রস্তাব জনগণ ঢাকা রাজনীতি সরকার নির্বাচন দল বৈঠক সিদ্ধান্ত আলোচনা প্রস্তাব জনগণ ঢাকা রাজনীতি সরকার নির্বাচন দল বৈঠক সিদ্ধান্ত আলোচনা প্রস্তাব জনগণ ঢাকা রাজনীতি সরকার নির্বাচন দল বৈঠক সিদ্ধান্ত আলোচনা প্রস্তাব জনগণ ঢাকা রাজনীতি সরকার নির্বাচন দল বৈঠক সিদ্ধান্ত আলোচনা প্রস্তাব জনগণ ঢাকা রাজনীতি সরকার নির্বাচন দল বৈঠক সিদ্ধান্ত আলোচনা প্রস্তাব জনগণ ঢাকা রাজনীতি সরকার নির্বাচন দল বৈঠক সিদ্ধান্ত আলোচনা প্রস্তাব জনগণ ঢাকা রাজনীতি সরকার নির্বাচন দল বৈঠক সিদ্ধান্ত আলোচনা প্রস্তাব জনগণ ঢাকা রাজনীতি সরকার নির্বাচন দল বৈঠক সিদ্ধান্ত আলোচনা প্রস্তাব জনগণ ঢাকা রাজনীতি সরকার নির্বাচন দল বৈঠক সিদ্ধান্ত আলোচনা প্রস্তাব জনগণ ঢাকা রাজনীতি সরকার নির্বাচন দল বৈঠক সিদ্ধান্ত আলোচনা প্রস্তাব জনগণ ঢাকা রাজনীতি সরকার নির্বাচন দল বৈঠক সিদ্ধান্ত আলোচনা প্রস্তাব জনগণ ঢাকা রাজনীতি সরকার নির্বাচন দল বৈঠক সিদ্ধান্ত আলোচনা প্রস্তাব জনগণ ঢাকা রাজনীতি সরকার নির্বাচন দল বৈঠক সিদ্ধান্ত আলোচনা প্রস্তাব জনগণ ঢাকা রাজনীতি সরকার নির্বাচন দল বৈঠক সিদ্ধান্ত আলোচনা প্রস্তাব জনগণ ঢাকা রাজনীতি সরকার নির্বাচন দল বৈঠক সিদ্ধান্ত আলোচনা প্রস্তাব জনগণ
Bangladesh Power Development Board
Invitation for International Tender
1	Ministry/Division	Ministry of Power, Energy & Mineral Resources/Power Division
2	Agency	Bangladesh Power Development Board (BPDB)
3	Procuring Entity Name	Director, Directorate of Purchase, BPDB, Dhaka.
4	Procuring Entity Code	Not used at present
5	Procuring Entity District	Dhaka, Bangladesh
6	Invitation for	Procurement of Transformer Oil Purifier of Shikalbaha 225 MW Duel Fuel CCPP, BPDB, Shikalbaha Chattogram, Bangladesh.
7	Invitation Ref. No	27.11.0000.304.25.337.25
8	Date	23/06/2025
KEY INFORMATION
9	Tender Type	Tender
10	Procurement Type	Goods
11	Procurement Method	ICT
12	Tendering Method	Open Tendering Method (OTM)
FUNDING INFORMATION
13	Budget and Source of Funds	Revenue and BPDB'S Cash Foreign Exchange Allocation.
14	Development Partners (if applicable)	Not applicable.
PARTICULAR INFORMATION
15	Project/Programme Code (if applicable)	Not applicable
16	Project/Programme Name (if applicable)	Not applicable
17	Tender Package No	GRF-12 (FY2024-2025)
18	Tender Package Name	Procurement of Transformer Oil Purifier of Shikalbaha 225 MW Duel Fuel CCPP, BPDB, Shikalbaha Chattogram, Bangladesh.
19	Tender Publication Date	24.06.2025
20	Tender Last Selling Date	11.08.2025 During Office Hours
21	Tender Closing Date and Time	12/08/2025 at 11:00 AM (Tenders can be submitted on any date before closing time during Office Hours)
22	Tender Opening Date and Time	12/08/2025 at 11:30 A.M
23	Name & Address of the Office (s)	
	Selling Tender (Principal)	Directorate of Purchase, BPDB, WAPDA Building (9th floor), 12-Motijheel C/A,
	Selling Tender (Others)	Not Applicable
	Receiving Tender Document	Directorate of Purchase, BPDB, WAPDA Building (9th floor), 12-Motijheel C/A,
	Opening Tender Document	Directorate of Purchase, BPDB, WAPDA Building (9th floor), 12-Motijheel C/A,
24	Place/Date/Time of Pre-Tender Meeting	Not Applicable
INFORMATION FOR TENDERER
25	Eligibility of Tenderer	Tenders from all countries except the countries specified in TDS.
26	Brief Description of Goods or Works	Procurement of Transformer Oil Purifier of Shikalbaha 225 MW Duel Fuel CCPP, BPDB, Shikalbaha Chattogram, Bangladesh.
27	Brief Description of Related Services	As per Tender Document
28	Tender Document Price	Non-refundable BD Taka 3,000.00 (Three Thousand) only in the form of Pay Order in favour of Director, Directorate of Purchase, BPDB, Dhaka.
29	Lot No.	Identification of Lot	Location	Tender Security Amount	Completion Time
1	Procurement of Transformer Oil Purifier of Shikalbaha 225 MW Duel Fuel CCPP, BPDB, Shikalbaha Chattogram, Bangladesh.	Shikalbaha 225 MW Duel Fuel CCPP, BPDB, Shikalbaha Chattogram, Bangladesh.	USD 4,000.00 OR BDT 4,80,000.00	As mentioned in the tender document

PROCURING ENTITY DETAILS
30	Validity of Tender and Tender Security	150 & 178 days respectively from Tender opening date
31	Name of Official Inviting Tender	Md. Nannu Miah
32	Designation of Official Inviting Tender	Director
33	Address of Official Inviting Tender	Directorate of Purchase, BPDB, WAPDA Building (9th Floor), 12-Motijheel C/A, Dhaka.
34	Contact details of Official Inviting Tender	Tel. 02223383081 e-mail:dir.purchase@bpdb.gov.bd
35	Special Instructions	The Purchaser reserves the right to accept any tender to annul the Tender Process or to reject any or all tenders at any time prior to Contract Award.
This Tender will be performed according to "The Public Procurement Rules-2008"
Sd/
(Md. Nannu Miah)
Director
Directorate of Purchase
BPDB, Dhaka.
বিদ্যুৎ/৪৫/১৬৮৩/২৫/০৬
গণপ্রজাতন্ত্রী বাংলাদেশ সরকার
বিভাগীয় বন কর্মকর্তার কার্যালয়
ময়মনসিংহ বন বিভাগ
স্মারক নং-২২.০১.৬১০০.০০০.০৬.০০১.২৩-২৫	তারিখ: ২৩/০৬/২০২৫ খ্রি.
ঢাকা রাজনীতি সরকার নির্বাচন দল বৈঠক সিদ্ধান্ত আলোচনা প্রস্তাব জনগণ ঢাকা রাজনীতি সরকার নির্বাচন দল বৈঠক সিদ্ধান্ত আলোচনা প্রস্তাব জনগণ ঢাকা রাজনীতি সরকার নির্বাচন দল বৈঠক সিদ্ধান্ত আলোচনা প্রস্তাব জনগণ ঢাকা রাজনীতি সরকার নির্বাচন দল বৈঠক সিদ্ধান্ত আলোচনা প্রস্তাব জনগণ ঢাকা রাজনীতি সরকার নির্বাচন দল বৈঠক সিদ্ধান্ত আলোচনা প্রস্তাব জনগণ ঢাকা রাজনীতি সরকার নির্বাচন দল বৈঠক সিদ্ধান্ত আলোচনা প্রস্তাব জনগণ ঢাকা রাজনীতি সরকার নির্বাচন দল বৈঠক সিদ্ধান্ত আলোচনা প্রস্তাব জনগণ ঢাকা রাজনীতি সরকার নির্বাচন দল বৈঠক সিদ্ধান্ত আলোচনা প্রস্তাব জনগণ ঢাকা রাজনীতি সরকার নির্বাচন দল বৈঠক সিদ্ধান্ত আলোচনা প্রস্তাব জনগণ ঢাকা রাজনীতি সরকার নির্বাচন দল বৈঠক সিদ্ধান্ত আলোচনা প্রস্তাব জনগণ ঢাকা রাজনীতি সরকার নির্বাচন দল বৈঠক সিদ্ধান্ত আলোচনা প্রস্তাব জনগণ ঢাকা রাজনীতি সরকার নির্বাচন দল বৈঠক
১	বিজ্ঞপ্তির বিবরণ	ঢাকা রাজনীতি সরকার নির্বাচন দল বৈঠক সিদ্ধান্ত আলোচনা প্রস্তাব জনগণ ঢাকা রাজনীতি সরকার নির্বাচন দল বৈঠক সিদ্ধান্ত আলোচনা প্রস্তাব জনগণ ঢাকা রাজনীতি সরকার নির্বাচন দল বৈঠক সিদ্ধান্ত আলোচনা প্রস্তাব জনগণ ঢাকা রাজনীতি সরকার নির্বাচন দল বৈঠক সিদ্ধান্ত আলোচনা প্রস্তাব জনগণ ঢাকা রাজনীতি সরকার নির্বাচন দল বৈঠক সিদ্ধান্ত আলোচনা প্রস্তাব জনগণ ঢাকা রাজনীতি সরকার নির্বাচন দল বৈঠক সিদ্ধান্ত আলোচনা প্রস্তাব জনগণ
২	বিজ্ঞপ্তি বিক্রয়ের তারিখ	ঢাকা রাজনীতি সরকার নির্বাচন দল বৈঠক সিদ্ধান্ত আলোচনা প্রস্তাব জনগণ ঢাকা রাজনীতি সরকার নির্বাচন দল বৈঠক সিদ্ধান্ত আলোচনা প্রস্তাব জনগণ ঢাকা রাজনীতি সরকার নির্বাচন দল বৈঠক সিদ্ধান্ত আলোচনা প্রস্তাব জনগণ ঢাকা রাজনীতি সরকার নির্বাচন দল বৈঠক সিদ্ধান্ত আলোচনা প্রস্তাব জনগণ ঢাকা রাজনীতি সরকার নির্বাচন দল বৈঠক সিদ্ধান্ত আলোচনা প্রস্তাব জনগণ ঢাকা রাজনীতি সরকার নির্বাচন দল বৈঠক সিদ্ধান্ত আলোচনা প্রস্তাব জনগণ
৩	দাখিলের স্থান	ঢাকা রাজনীতি সরকার নির্বাচন দল বৈঠক সিদ্ধান্ত আলোচনা প্রস্তাব জনগণ ঢাকা রাজনীতি সরকার নির্বাচন দল বৈঠক সিদ্ধান্ত আলোচনা প্রস্তাব জনগণ ঢাকা রাজনীতি সরকার নির্বাচন দল বৈঠক সিদ্ধান্ত আলোচনা প্রস্তাব জনগণ ঢাকা রাজনীতি সরকার নির্বাচন দল বৈঠক সিদ্ধান্ত আলোচনা প্রস্তাব জনগণ ঢাকা রাজনীতি সরকার নির্বাচন দল বৈঠক সিদ্ধান্ত আলোচনা প্রস্তাব জনগণ ঢাকা রাজনীতি সরকার নির্বাচন দল বৈঠক সিদ্ধান্ত আলোচনা প্রস্তাব জনগণ
৪	দরপত্র খোলার তারিখ	ঢাকা রাজনীতি সরকার নির্বাচন দল বৈঠক সিদ্ধান্ত আলোচনা প্রস্তাব জনগণ ঢাকা রাজনীতি সরকার নির্বাচন দল বৈঠক সিদ্ধান্ত আলোচনা প্রস্তাব জনগণ ঢাকা রাজনীতি সরকার নির্বাচন দল বৈঠক সিদ্ধান্ত আলোচনা প্রস্তাব জনগণ ঢাকা রাজনীতি সরকার নির্বাচন দল বৈঠক সিদ্ধান্ত আলোচনা প্রস্তাব জনগণ ঢাকা রাজনীতি সরকার নির্বাচন দল বৈঠক সিদ্ধান্ত আলোচনা প্রস্তাব জনগণ ঢাকা রাজনীতি সরকার নির্বাচন দল বৈঠক সিদ্ধান্ত আলোচনা প্রস্তাব জনগণ
৫	দরপত্র খোলার স্থান	ঢাকা রাজনীতি সরকার নির্বাচন দল বৈঠক সিদ্ধান্ত আলোচনা প্রস্তাব জনগণ ঢাকা রাজনীতি সরকার নির্বাচন দল বৈঠক সিদ্ধান্ত আলোচনা প্রস্তাব জনগণ ঢাকা রাজনীতি সরকার নির্বাচন দল বৈঠক সিদ্ধান্ত আলোচনা প্রস্তাব জনগণ ঢাকা রাজনীতি সরকার নির্বাচন দল বৈঠক সিদ্ধান্ত আলোচনা প্রস্তাব জনগণ ঢাকা রাজনীতি সরকার নির্বাচন দল বৈঠক সিদ্ধান্ত আলোচনা প্রস্তাব জনগণ ঢাকা রাজনীতি সরকার নির্বাচন দল বৈঠক সিদ্ধান্ত আলোচনা প্রস্তাব জনগণ
৬	জামানত	ঢাকা রাজনীতি সরকার নির্বাচন দল বৈঠক সিদ্ধান্ত আলোচনা প্রস্তাব জনগণ ঢাকা রাজনীতি সরকার নির্বাচন দল বৈঠক সিদ্ধান্ত আলোচনা প্রস্তাব জনগণ ঢাকা রাজনীতি সরকার নির্বাচন দল বৈঠক সিদ্ধান্ত আলোচনা প্রস্তাব জনগণ ঢাকা রাজনীতি সরকার নির্বাচন দল বৈঠক সিদ্ধান্ত আলোচনা প্রস্তাব জনগণ ঢাকা রাজনীতি সরকার নির্বাচন দল বৈঠক সিদ্ধান্ত আলোচনা প্রস্তাব জনগণ ঢাকা রাজনীতি সরকার নির্বাচন দল বৈঠক সিদ্ধান্ত আলোচনা প্রস্তাব জনগণ
৭	শর্তাবলী	ঢাকা রাজনীতি সরকার নির্বাচন দল বৈঠক সিদ্ধান্ত আলোচনা প্রস্তাব জনগণ ঢাকা রাজনীতি সরকার নির্বাচন দল বৈঠক সিদ্ধান্ত আলোচনা প্রস্তাব জনগণ ঢাকা রাজনীতি সরকার নির্বাচন দল বৈঠক সিদ্ধান্ত আলোচনা প্রস্তাব জনগণ ঢাকা রাজনীতি সরকার নির্বাচন দল বৈঠক সিদ্ধান্ত আলোচনা প্রস্তাব জনগণ ঢাকা রাজনীতি সরকার নির্বাচন দল বৈঠক সিদ্ধান্ত আলোচনা প্রস্তাব জনগণ ঢাকা রাজনীতি সরকার নির্বাচন দল বৈঠক সিদ্ধান্ত আলোচনা প্রস্তাব জনগণ
৮	অন্যান্য	ঢাকা রাজনীতি সরকার নির্বাচন দল বৈঠক সিদ্ধান্ত আলোচনা প্রস্তাব জনগণ ঢাকা রাজনীতি সরকার নির্বাচন দল বৈঠক সিদ্ধান্ত আলোচনা প্রস্তাব জনগণ ঢাকা রাজনীতি সরকার নির্বাচন দল বৈঠক সিদ্ধান্ত আলোচনা প্রস্তাব জনগণ ঢাকা রাজনীতি সরকার নির্বাচন দল বৈঠক সিদ্ধান্ত আলোচনা প্রস্তাব জনগণ ঢাকা রাজনীতি সরকার নির্বাচন দল বৈঠক সিদ্ধান্ত আলোচনা প্রস্তাব জনগণ ঢাকা রাজনীতি সরকার নির্বাচন দল বৈঠক সিদ্ধান্ত আলোচনা প্রস্তাব জনগণ
(আরিফুল ইসলাম)
বিভাগীয় বন কর্মকর্তা
ময়মনসিংহ বন বিভাগ
GC-1101/06/25 (6×4)
Government of The People's Republic of Bangladesh
Office of The Divisional Mechanical Engineer (Loco)
Bangladesh Railway, Paksey
E-mail: dmelocopxc@railway.gov.bd
Reference No. 54.01.7639.307.02.001.25 (Notice-3)	Date: 23-06-2025
e-Re-Tender Notice
e-Tender is invited in e-GP System Portal (https://www.eprocure.gov.bd) by Divisional Mechanical Engineer (Loco), Paksey for the procurement of:
Sl. No.	Tender/Proposal ID, Reference No., Tender/ Proposal Status	Procurement Nature, Title	Ministry, Division, Organization, PE	Type, Method	Publishing Date, Closing Date
1.	1121794, DME/LOCO/ SANG/RAHO/ e-GP/2024-2025/04	Goods, Procurement of Sand for Locomotive Sanding System.	Ministry of Railways, Bangladesh Railway, Office of the Divisional Mechanical Engineer (Loco), Paksey.	NCT, OTM	24-June-2025 12:00, 09-July-2025 12:00
This is an online Tender, where only e-Tender will be accepted in the national e-GP portal and no offline/hard copies will be accepted. To submit e-Tender please register on e-GP portal (https://www.eprocure.gov.bd) is required. The fees for downloading the e-tender document from the National e-GP system portal have to be deposited online through any registered Bank Branches. Further information and guidelines are available in the National e-GP System portal and from e-GP helpdesk@eprocure.gov.bd
আরসিপিআইডি নং-২০১৫, তারিখ-২৩/০৬/২৫
(Md. Moyen Uddin Sardar)
Divisional Mechanical Engineer (Loco)
Bangladesh Railway, Paksey.
জিডি-১১০৫/০৬/২৫ (৫"×৪)
